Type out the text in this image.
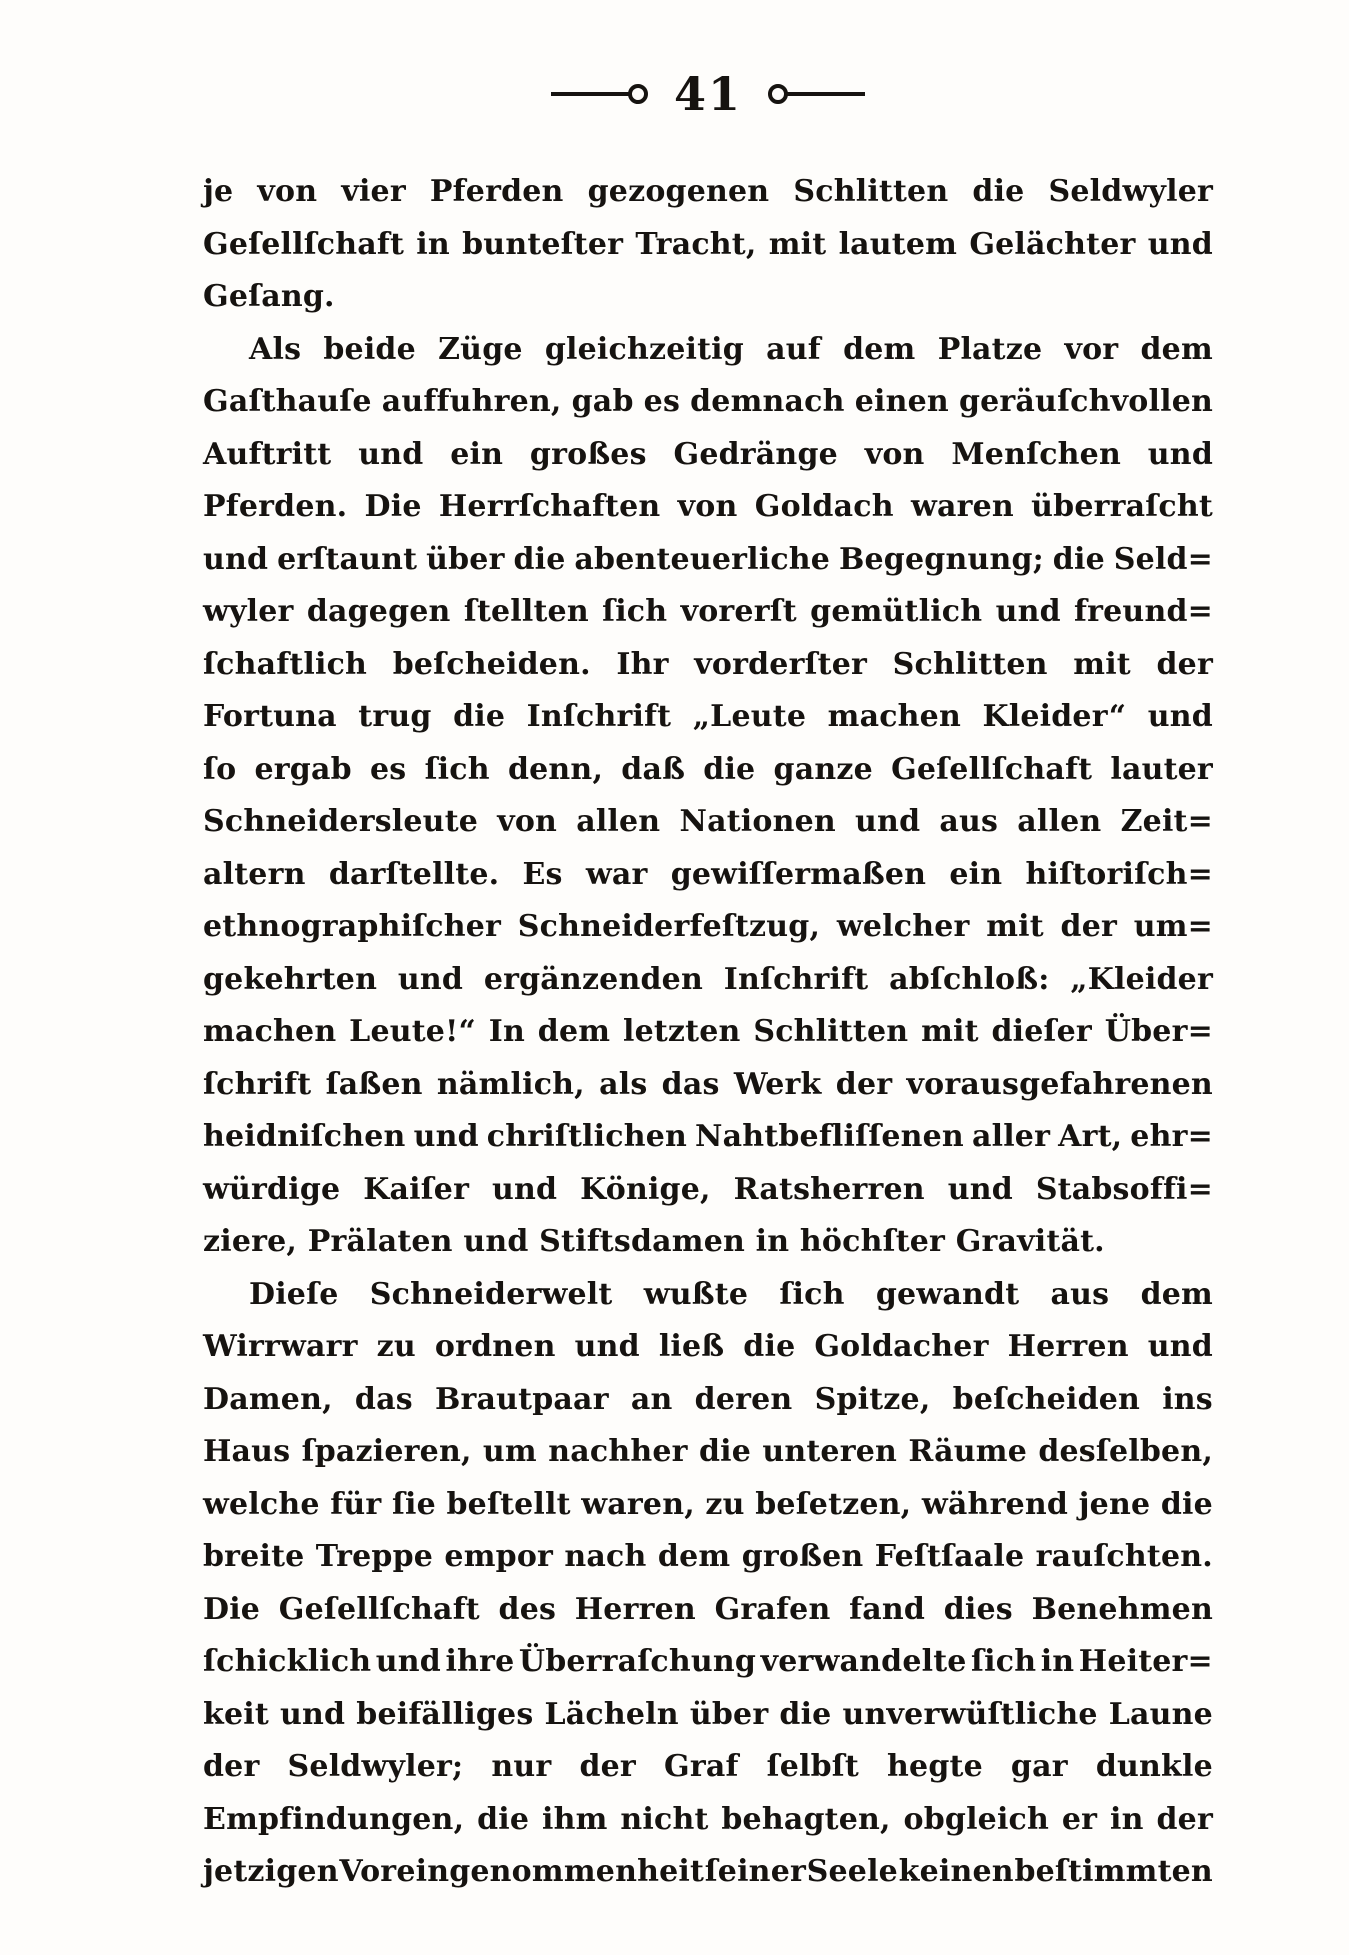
41
je von vier Pferden gezogenen Schlitten die Seldwyler
Geſellſchaft in bunteſter Tracht, mit lautem Gelächter und
Geſang.
Als beide Züge gleichzeitig auf dem Platze vor dem
Gaſthauſe auffuhren, gab es demnach einen geräuſchvollen
Auftritt und ein großes Gedränge von Menſchen und
Pferden. Die Herrſchaften von Goldach waren überraſcht
und erſtaunt über die abenteuerliche Begegnung; die Seld=
wyler dagegen ſtellten ſich vorerſt gemütlich und freund=
ſchaftlich beſcheiden. Ihr vorderſter Schlitten mit der
Fortuna trug die Inſchrift „Leute machen Kleider“ und
ſo ergab es ſich denn, daß die ganze Geſellſchaft lauter
Schneidersleute von allen Nationen und aus allen Zeit=
altern darſtellte. Es war gewiſſermaßen ein hiſtoriſch=
ethnographiſcher Schneiderfeſtzug, welcher mit der um=
gekehrten und ergänzenden Inſchrift abſchloß: „Kleider
machen Leute!“ In dem letzten Schlitten mit dieſer Über=
ſchrift ſaßen nämlich, als das Werk der vorausgefahrenen
heidniſchen und chriſtlichen Nahtbefliſſenen aller Art, ehr=
würdige Kaiſer und Könige, Ratsherren und Stabsoffi=
ziere, Prälaten und Stiftsdamen in höchſter Gravität.
Dieſe Schneiderwelt wußte ſich gewandt aus dem
Wirrwarr zu ordnen und ließ die Goldacher Herren und
Damen, das Brautpaar an deren Spitze, beſcheiden ins
Haus ſpazieren, um nachher die unteren Räume desſelben,
welche für ſie beſtellt waren, zu beſetzen, während jene die
breite Treppe empor nach dem großen Feſtſaale rauſchten.
Die Geſellſchaft des Herren Grafen fand dies Benehmen
ſchicklich und ihre Überraſchung verwandelte ſich in Heiter=
keit und beifälliges Lächeln über die unverwüſtliche Laune
der Seldwyler; nur der Graf ſelbſt hegte gar dunkle
Empfindungen, die ihm nicht behagten, obgleich er in der
jetzigen Voreingenommenheit ſeiner Seele keinen beſtimmten
